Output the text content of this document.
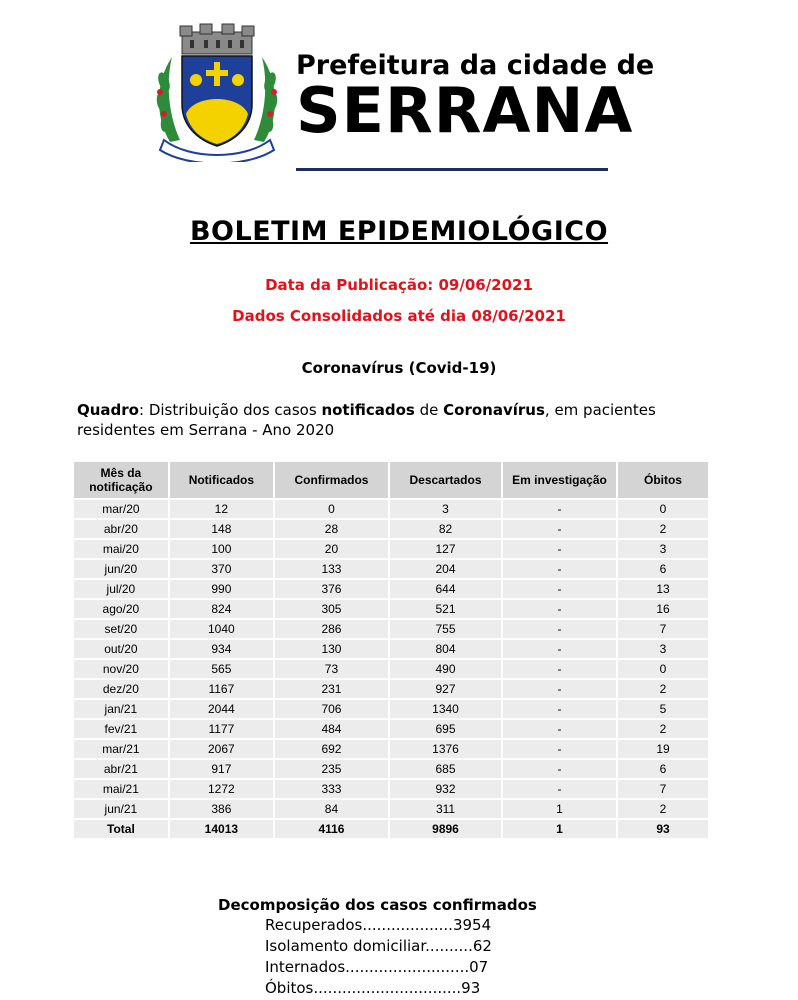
Prefeitura da cidade de
SERRANA
BOLETIM EPIDEMIOLÓGICO
Data da Publicação: 09/06/2021
Dados Consolidados até dia 08/06/2021
Coronavírus (Covid-19)
Quadro: Distribuição dos casos notificados de Coronavírus, em pacientes residentes em Serrana - Ano 2020
Mês da notificação	Notificados	Confirmados	Descartados	Em investigação	Óbitos
mar/20	12	0	3	-	0
abr/20	148	28	82	-	2
mai/20	100	20	127	-	3
jun/20	370	133	204	-	6
jul/20	990	376	644	-	13
ago/20	824	305	521	-	16
set/20	1040	286	755	-	7
out/20	934	130	804	-	3
nov/20	565	73	490	-	0
dez/20	1167	231	927	-	2
jan/21	2044	706	1340	-	5
fev/21	1177	484	695	-	2
mar/21	2067	692	1376	-	19
abr/21	917	235	685	-	6
mai/21	1272	333	932	-	7
jun/21	386	84	311	1	2
Total	14013	4116	9896	1	93
Decomposição dos casos confirmados
Recuperados...................3954
Isolamento domiciliar..........62
Internados..........................07
Óbitos...............................93
